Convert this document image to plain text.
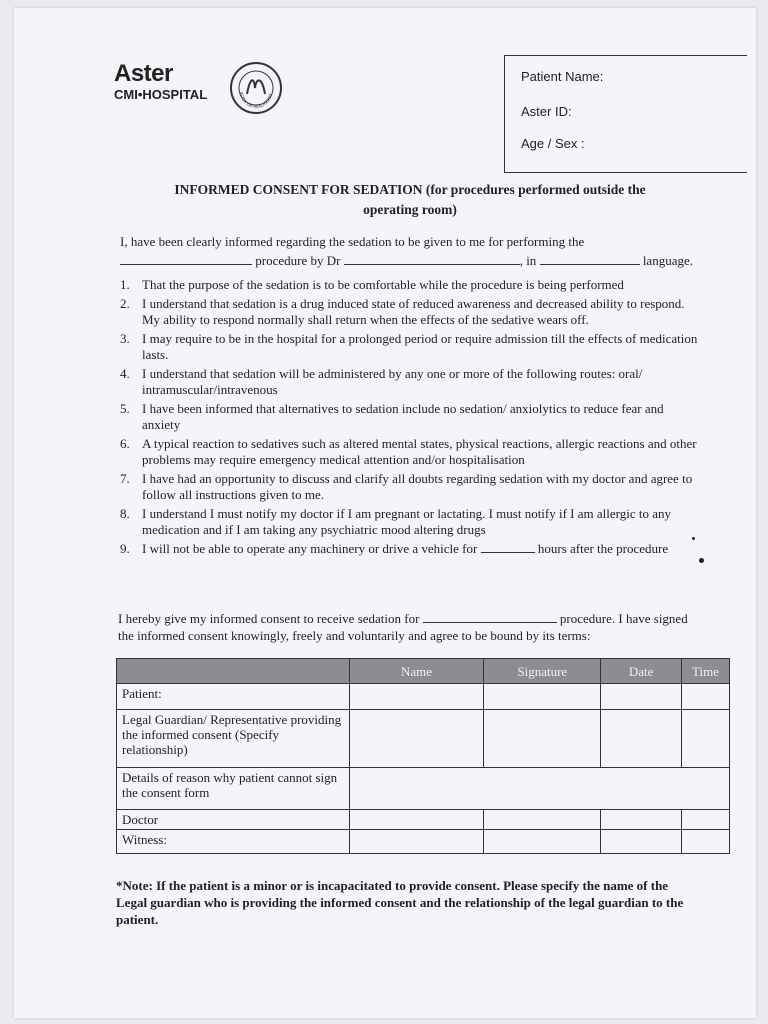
Aster
CMI•HOSPITAL	ASTER DM HEALTHCARE
Patient Name:
Aster ID:
Age / Sex :
INFORMED CONSENT FOR SEDATION (for procedures performed outside the
operating room)
I, have been clearly informed regarding the sedation to be given to me for performing the
procedure by Dr	, in	language.
1. That the purpose of the sedation is to be comfortable while the procedure is being performed
2. I understand that sedation is a drug induced state of reduced awareness and decreased ability to respond. My ability to respond normally shall return when the effects of the sedative wears off.
3. I may require to be in the hospital for a prolonged period or require admission till the effects of medication lasts.
4. I understand that sedation will be administered by any one or more of the following routes: oral/ intramuscular/intravenous
5. I have been informed that alternatives to sedation include no sedation/ anxiolytics to reduce fear and anxiety
6. A typical reaction to sedatives such as altered mental states, physical reactions, allergic reactions and other problems may require emergency medical attention and/or hospitalisation
7. I have had an opportunity to discuss and clarify all doubts regarding sedation with my doctor and agree to follow all instructions given to me.
8. I understand I must notify my doctor if I am pregnant or lactating. I must notify if I am allergic to any medication and if I am taking any psychiatric mood altering drugs
9. I will not be able to operate any machinery or drive a vehicle for	hours after the procedure
I hereby give my informed consent to receive sedation for	procedure. I have signed the informed consent knowingly, freely and voluntarily and agree to be bound by its terms:
	Name	Signature	Date	Time
Patient:				
Legal Guardian/ Representative providing the informed consent (Specify relationship)				
Details of reason why patient cannot sign the consent form				
Doctor				
Witness:				
*Note: If the patient is a minor or is incapacitated to provide consent. Please specify the name of the Legal guardian who is providing the informed consent and the relationship of the legal guardian to the patient.
